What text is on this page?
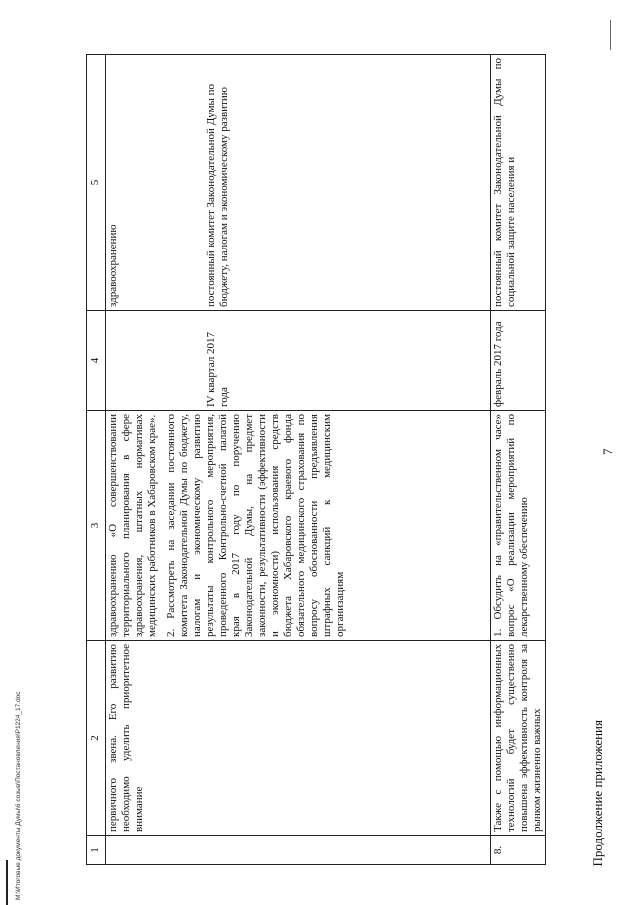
Продолжение приложения
7
M:\Итоговые документы Думы\6 созыв\Постановления\Р1224_17.doc	1	2	3	4	5
	первичного звена. Его развитию необходимо уделить приоритетное внимание	здравоохранению «О совершенствовании территориального планирования в сфере здравоохранения, штатных нормативах медицинских работников в Хабаровском крае». 2. Рассмотреть на заседании постоянного комитета Законодательной Думы по бюджету, налогам и экономическому развитию результаты контрольного мероприятия, проведенного Контрольно-счетной палатой края в 2017 году по поручению Законодательной Думы, на предмет законности, результативности (эффективности и экономности) использования средств бюджета Хабаровского краевого фонда обязательного медицинского страхования по вопросу обоснованности предъявления штрафных санкций к медицинским организациям	IV квартал 2017 года	здравоохранению постоянный комитет Законодательной Думы по бюджету, налогам и экономическому развитию

8.	Также с помощью информационных технологий будет существенно повышена эффективность контроля за рынком жизненно важных	1. Обсудить на «правительственном часе» вопрос «О реализации мероприятий по лекарственному обеспечению	февраль 2017 года	постоянный комитет Законодательной Думы по социальной защите населения и
